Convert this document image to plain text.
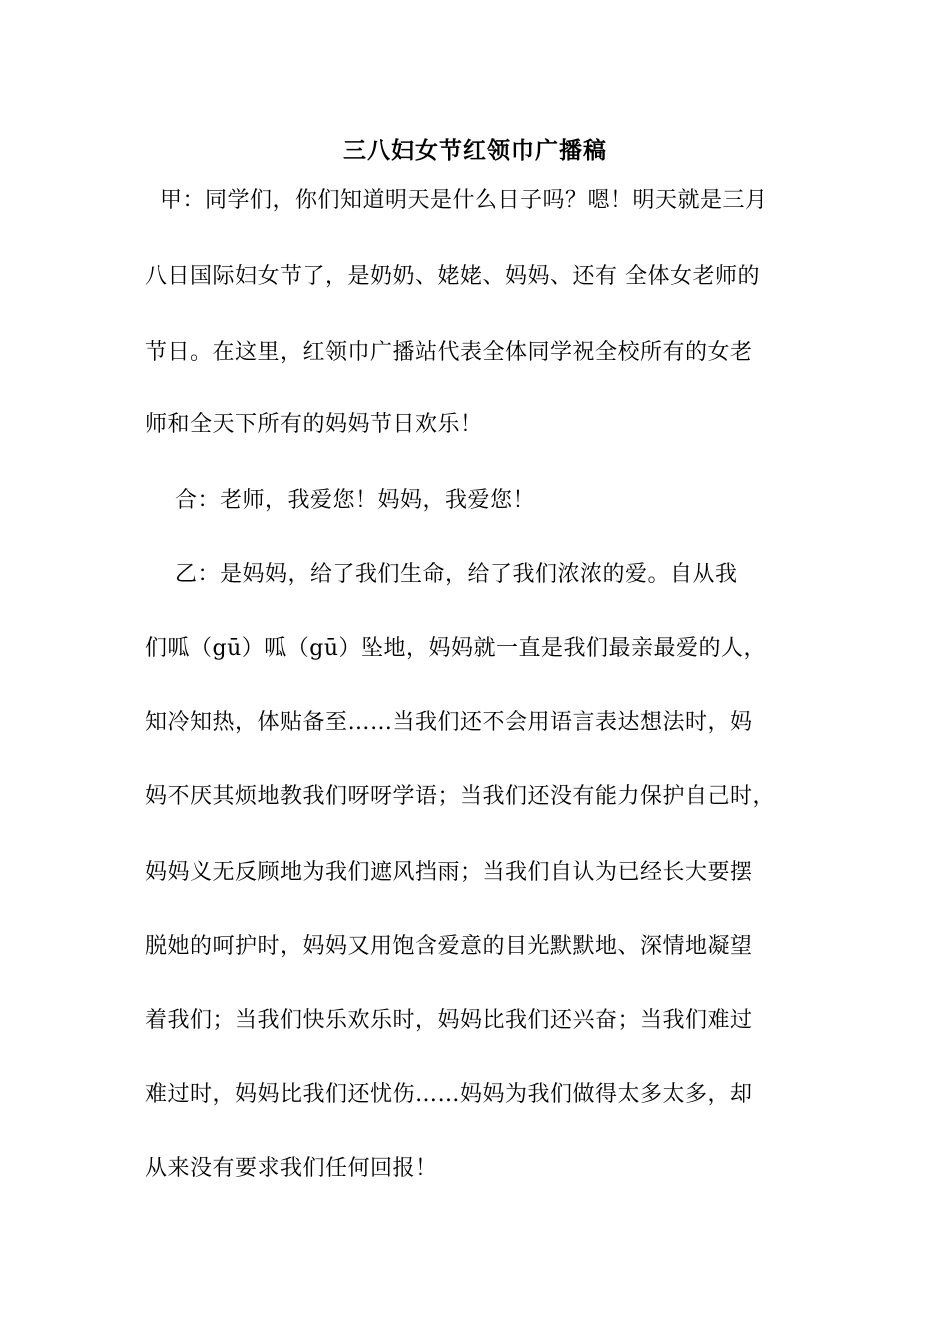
三八妇女节红领巾广播稿
甲：同学们，你们知道明天是什么日子吗？嗯！明天就是三月
八日国际妇女节了，是奶奶、姥姥、妈妈、还有 全体女老师的
节日。在这里，红领巾广播站代表全体同学祝全校所有的女老
师和全天下所有的妈妈节日欢乐！
合：老师，我爱您！妈妈，我爱您！
乙：是妈妈，给了我们生命，给了我们浓浓的爱。自从我
们呱（gū）呱（gū）坠地，妈妈就一直是我们最亲最爱的人，
知冷知热，体贴备至……当我们还不会用语言表达想法时，妈
妈不厌其烦地教我们呀呀学语；当我们还没有能力保护自己时，
妈妈义无反顾地为我们遮风挡雨；当我们自认为已经长大要摆
脱她的呵护时，妈妈又用饱含爱意的目光默默地、深情地凝望
着我们；当我们快乐欢乐时，妈妈比我们还兴奋；当我们难过
难过时，妈妈比我们还忧伤……妈妈为我们做得太多太多，却
从来没有要求我们任何回报！
